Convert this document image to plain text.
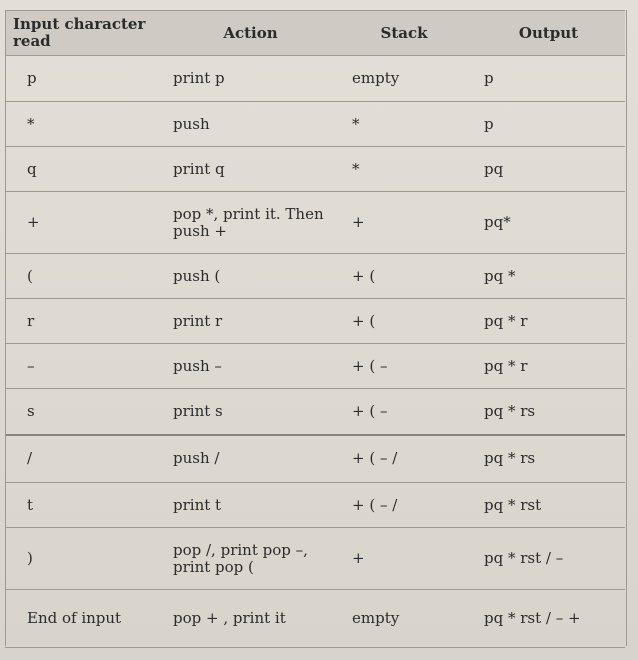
Input character read	Action	Stack	Output
p	print p	empty	p
*	push	*	p
q	print q	*	pq
+	pop *, print it. Then push +	+	pq*
(	push (	+ (	pq *
r	print r	+ (	pq * r
–	push –	+ ( –	pq * r
s	print s	+ ( –	pq * rs
/	push /	+ ( – /	pq * rs
t	print t	+ ( – /	pq * rst
)	pop /, print pop –, print pop (	+	pq * rst / –
End of input	pop + , print it	empty	pq * rst / – +
